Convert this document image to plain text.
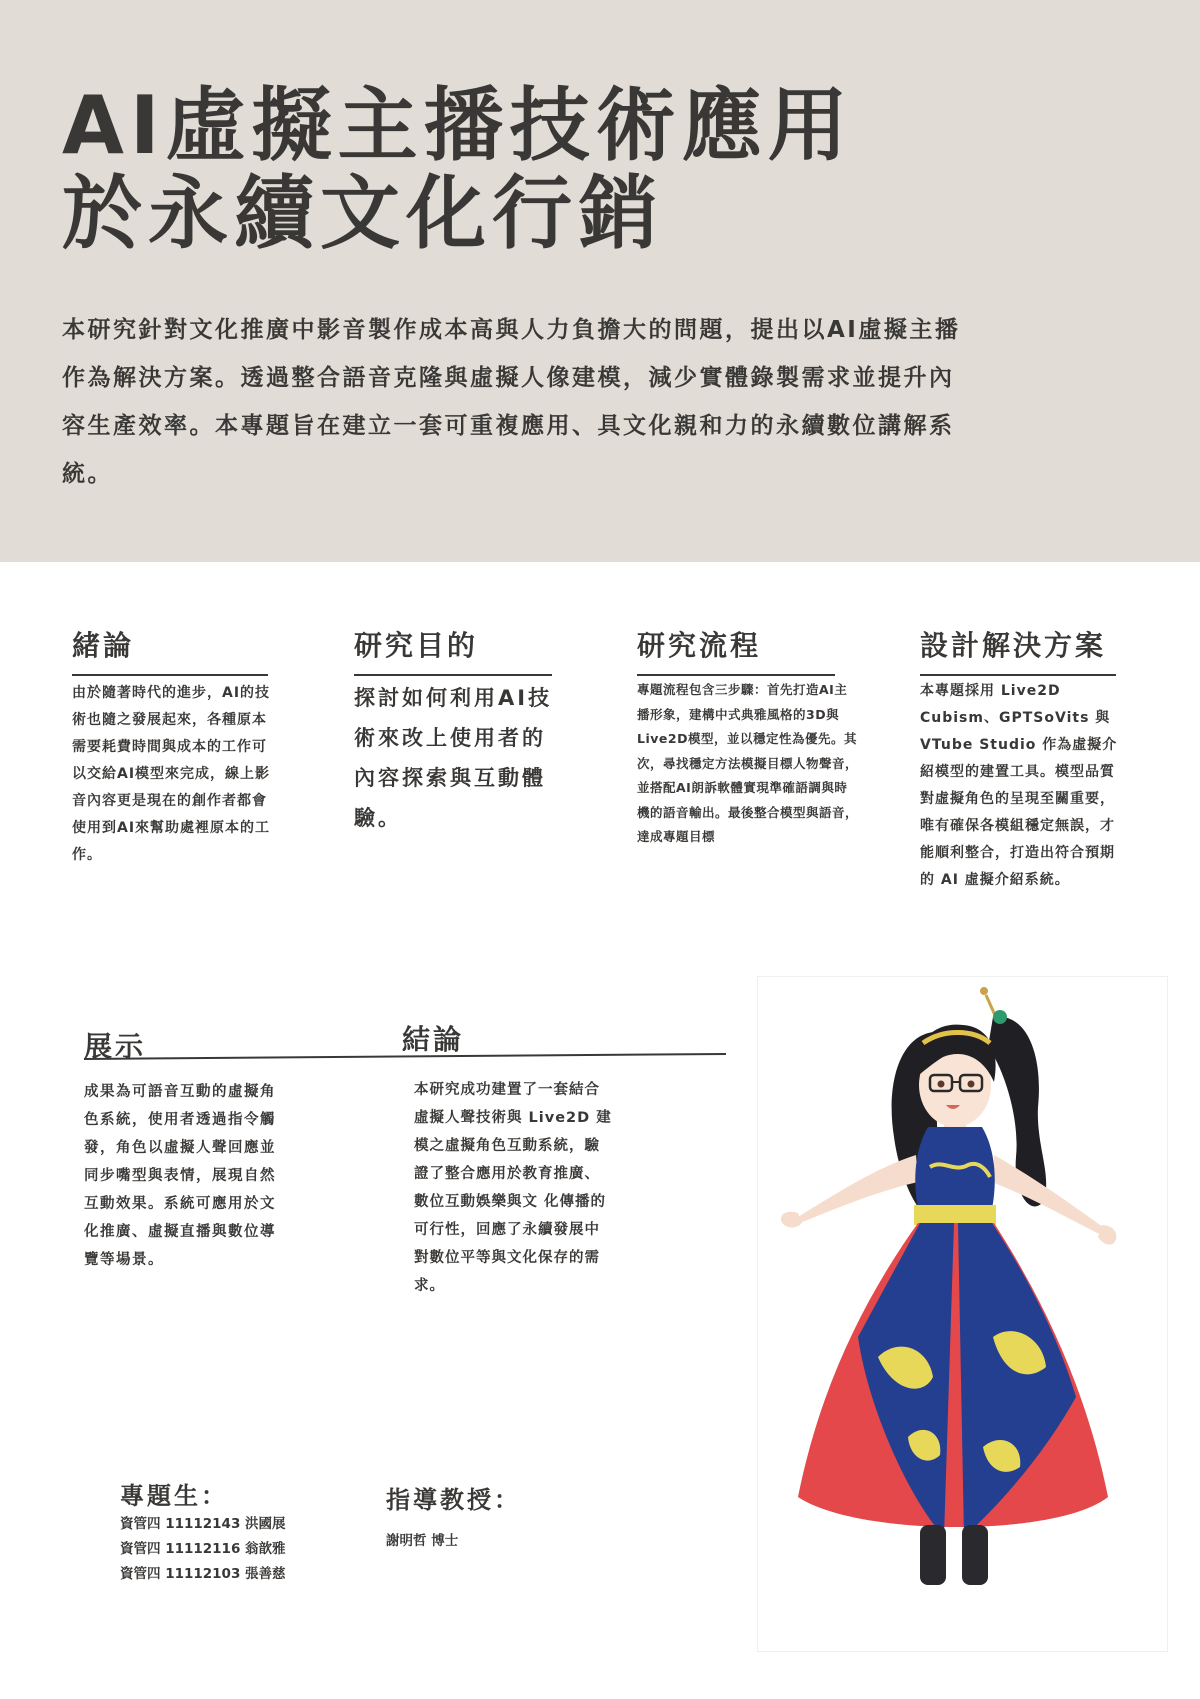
AI虛擬主播技術應用
於永續文化行銷

本研究針對文化推廣中影音製作成本高與人力負擔大的問題，提出以AI虛擬主播作為解決方案。透過整合語音克隆與虛擬人像建模，減少實體錄製需求並提升內容生產效率。本專題旨在建立一套可重複應用、具文化親和力的永續數位講解系統。

緒論

由於隨著時代的進步，AI的技術也隨之發展起來，各種原本需要耗費時間與成本的工作可以交給AI模型來完成，線上影音內容更是現在的創作者都會使用到AI來幫助處裡原本的工作。

研究目的

探討如何利用AI技術來改上使用者的內容探索與互動體驗。

研究流程

專題流程包含三步驟：首先打造AI主播形象，建構中式典雅風格的3D與Live2D模型，並以穩定性為優先。其次，尋找穩定方法模擬目標人物聲音，並搭配AI朗訴軟體實現準確語調與時機的語音輸出。最後整合模型與語音，達成專題目標

設計解決方案

本專題採用 Live2D Cubism、GPTSoVits 與 VTube Studio 作為虛擬介紹模型的建置工具。模型品質對虛擬角色的呈現至關重要，唯有確保各模組穩定無誤，才能順利整合，打造出符合預期的 AI 虛擬介紹系統。

展示	結論

成果為可語音互動的虛擬角色系統，使用者透過指令觸發，角色以虛擬人聲回應並同步嘴型與表情，展現自然互動效果。系統可應用於文化推廣、虛擬直播與數位導覽等場景。

本研究成功建置了一套結合虛擬人聲技術與 Live2D 建模之虛擬角色互動系統，驗證了整合應用於教育推廣、數位互動娛樂與文 化傳播的可行性，回應了永續發展中對數位平等與文化保存的需求。

專題生：
資管四 11112143 洪國展
資管四 11112116 翁歆雅
資管四 11112103 張善慈
指導教授：
謝明哲 博士
